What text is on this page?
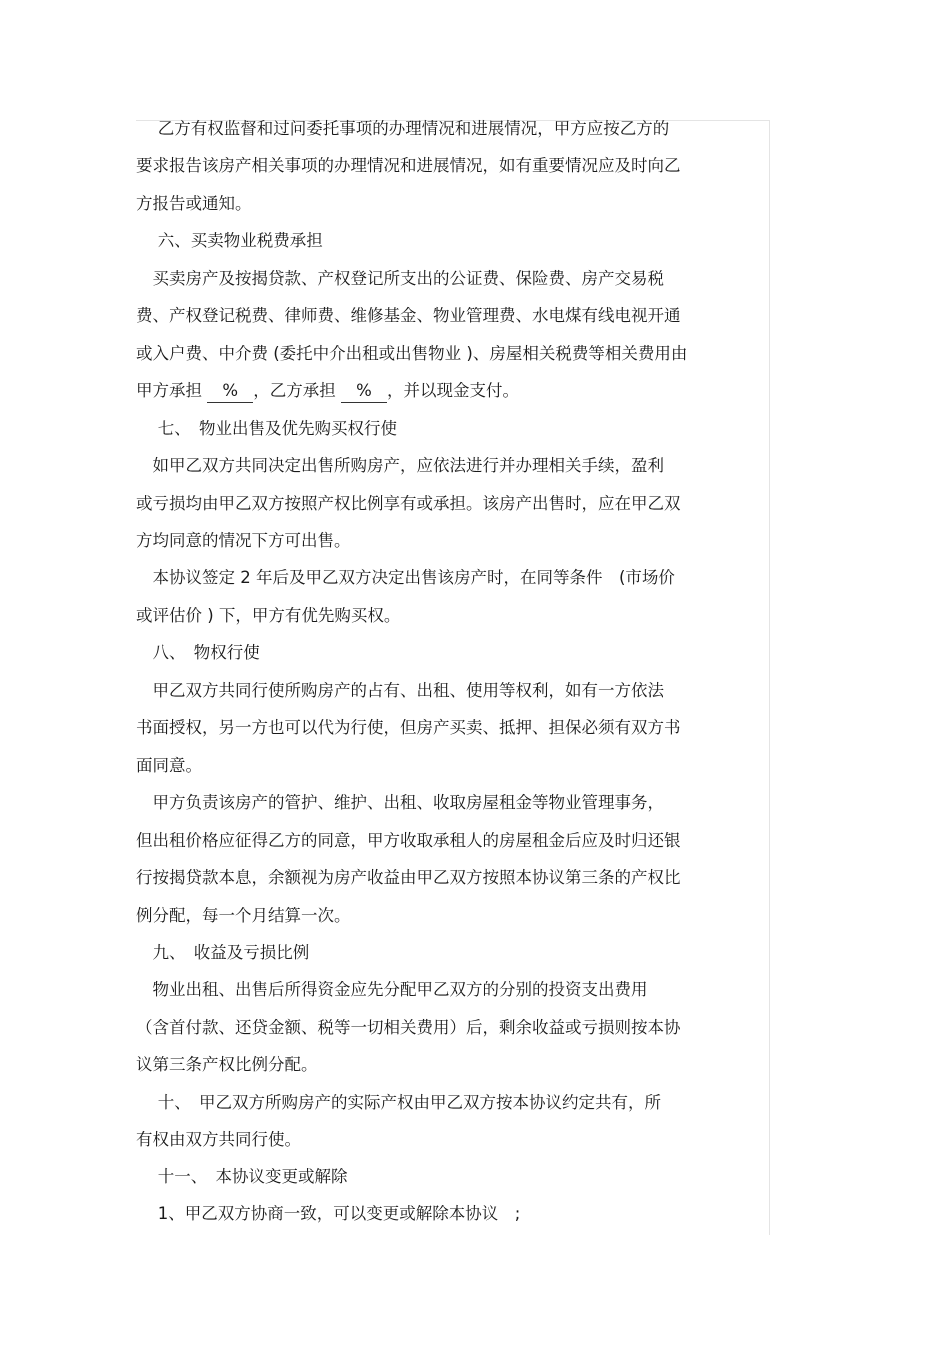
　 乙方有权监督和过问委托事项的办理情况和进展情况，甲方应按乙方的
要求报告该房产相关事项的办理情况和进展情况，如有重要情况应及时向乙
方报告或通知。
　 六、买卖物业税费承担
　买卖房产及按揭贷款、产权登记所支出的公证费、保险费、房产交易税
费、产权登记税费、律师费、维修基金、物业管理费、水电煤有线电视开通
或入户费、中介费 (委托中介出租或出售物业 )、房屋相关税费等相关费用由
甲方承担 % ，乙方承担 % ，并以现金支付。
　 七、　物业出售及优先购买权行使
　如甲乙双方共同决定出售所购房产，应依法进行并办理相关手续，盈利
或亏损均由甲乙双方按照产权比例享有或承担。该房产出售时，应在甲乙双
方均同意的情况下方可出售。
　本协议签定 2 年后及甲乙双方决定出售该房产时，在同等条件　(市场价
或评估价 ) 下，甲方有优先购买权。
　八、　物权行使
　甲乙双方共同行使所购房产的占有、出租、使用等权利，如有一方依法
书面授权，另一方也可以代为行使，但房产买卖、抵押、担保必须有双方书
面同意。
　甲方负责该房产的管护、维护、出租、收取房屋租金等物业管理事务，
但出租价格应征得乙方的同意，甲方收取承租人的房屋租金后应及时归还银
行按揭贷款本息，余额视为房产收益由甲乙双方按照本协议第三条的产权比
例分配，每一个月结算一次。
　九、　收益及亏损比例
　物业出租、出售后所得资金应先分配甲乙双方的分别的投资支出费用
（含首付款、还贷金额、税等一切相关费用）后，剩余收益或亏损则按本协
议第三条产权比例分配。
　 十、　甲乙双方所购房产的实际产权由甲乙双方按本协议约定共有，所
有权由双方共同行使。
　 十一、　本协议变更或解除
　 1、甲乙双方协商一致，可以变更或解除本协议　;
